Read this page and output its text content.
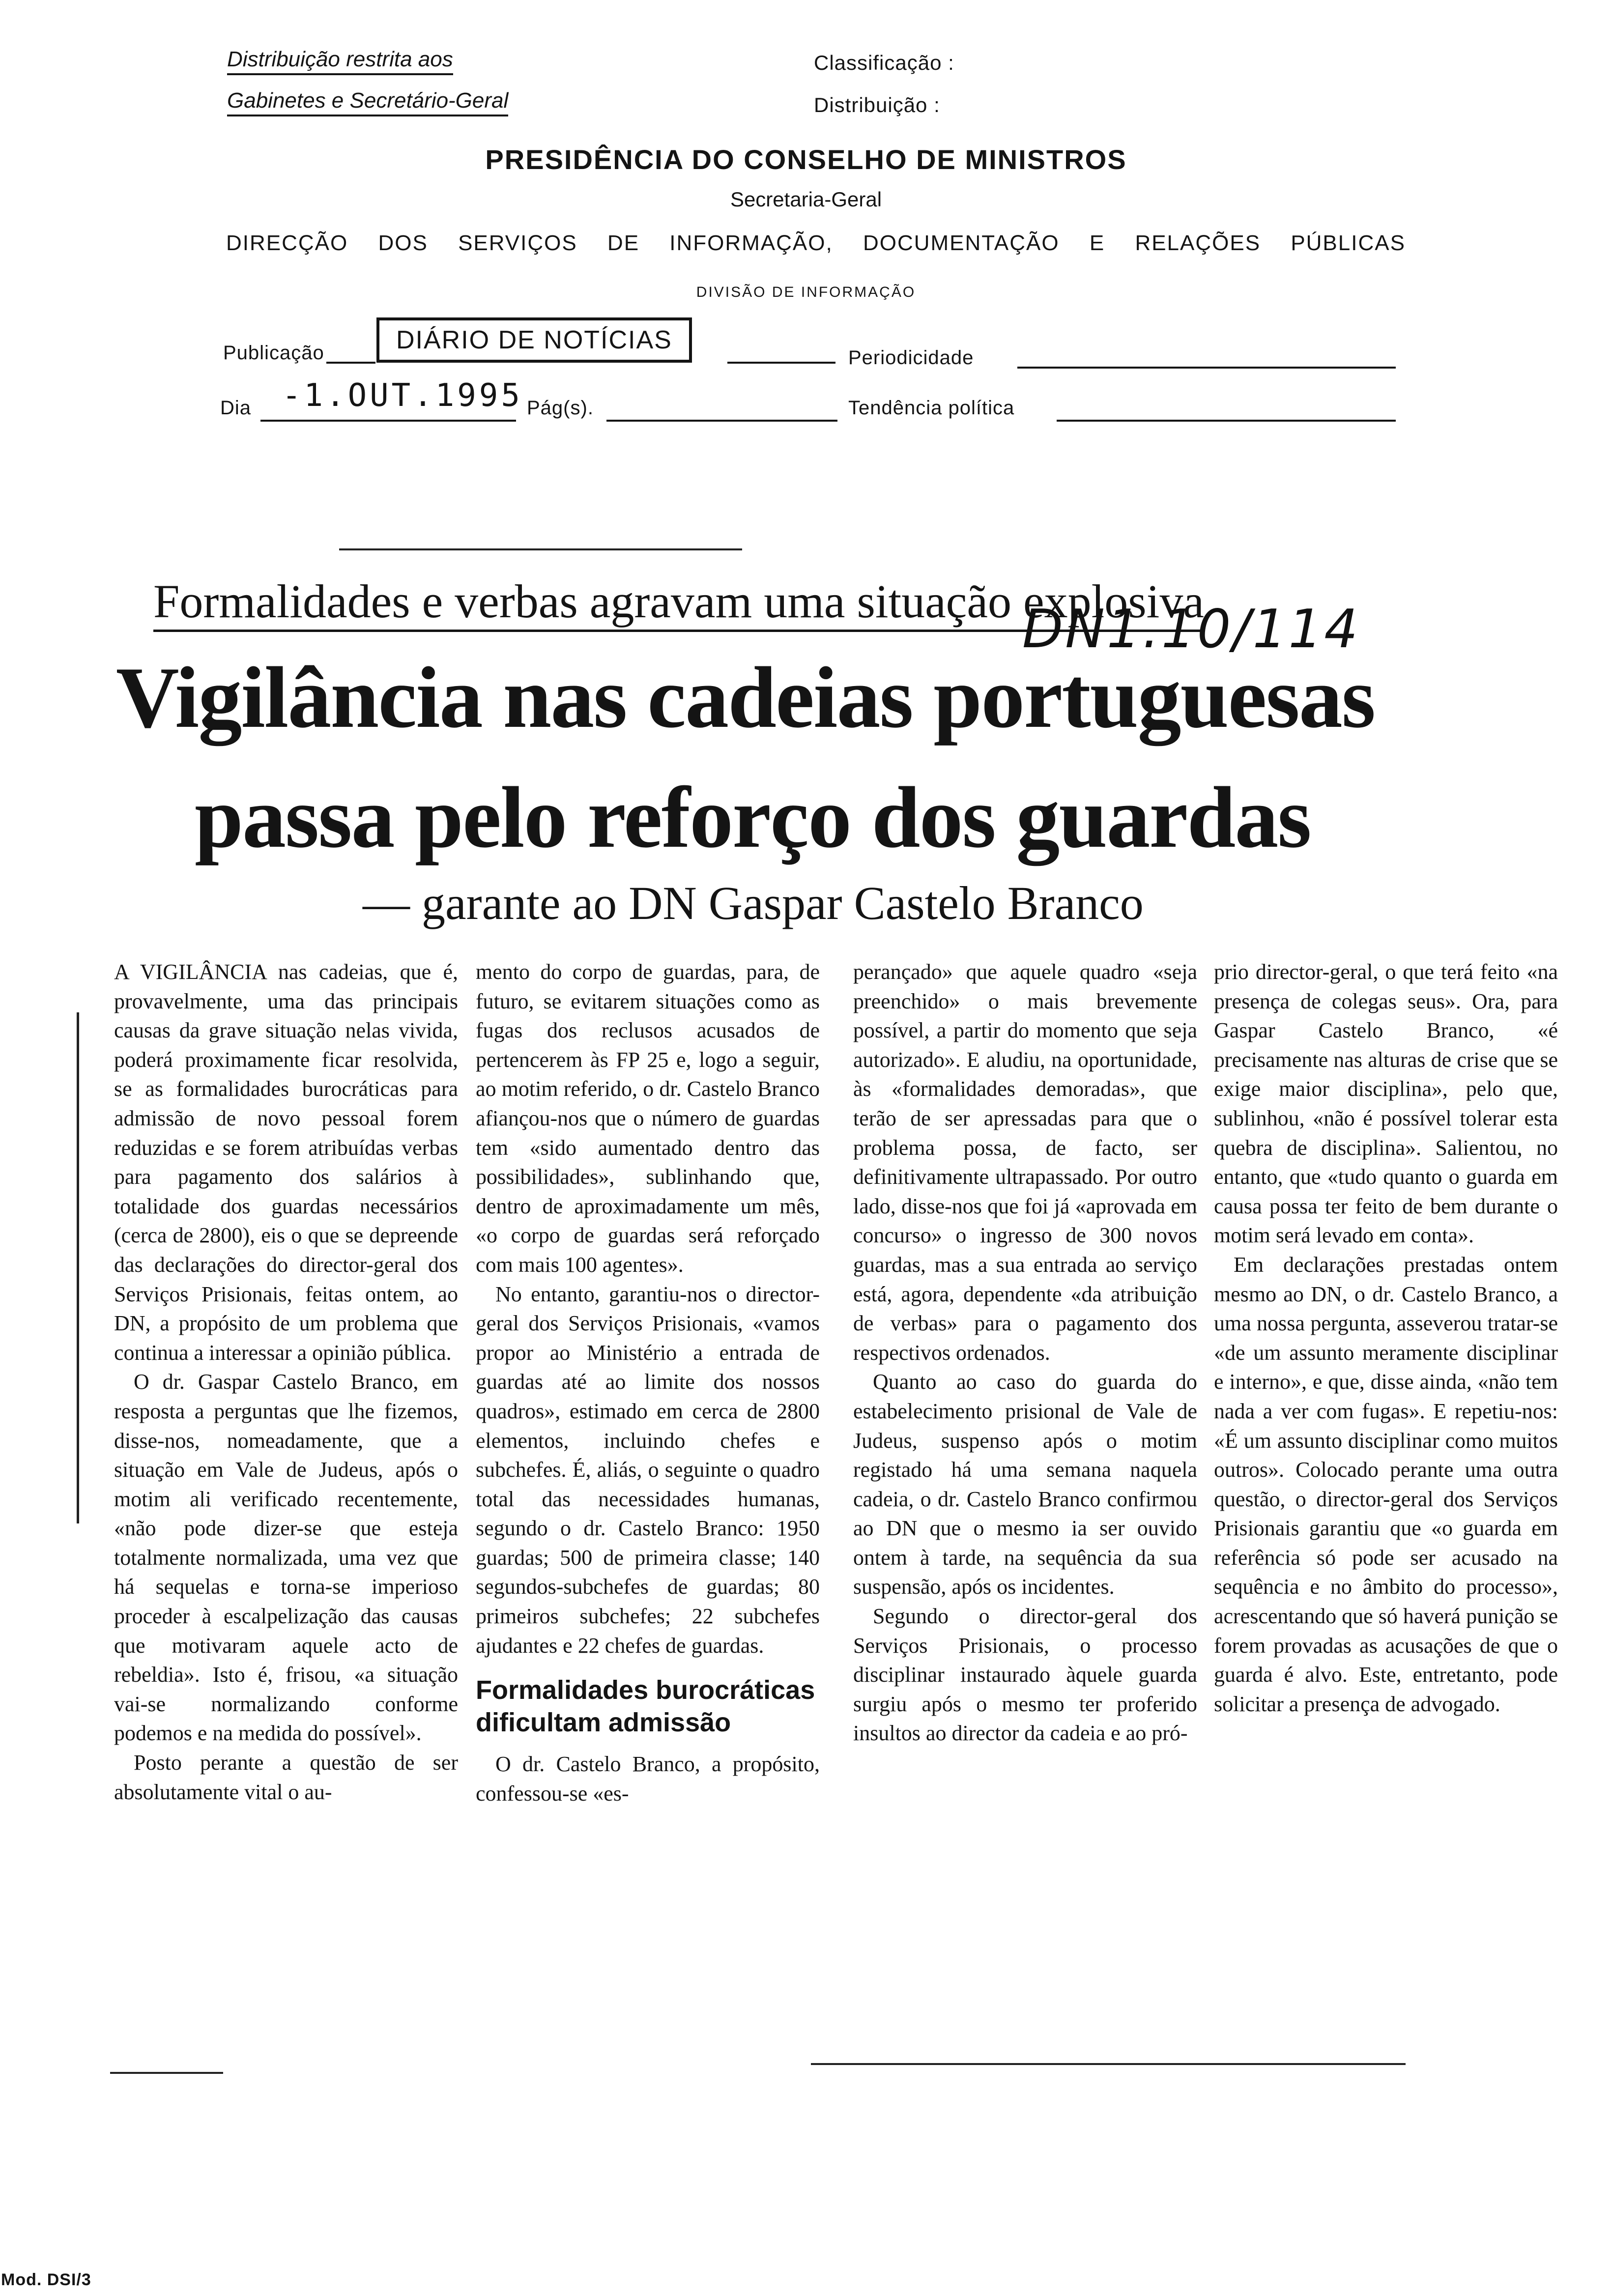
Distribuição restrita aos
Gabinetes e Secretário-Geral
Classificação :
Distribuição :
PRESIDÊNCIA DO CONSELHO DE MINISTROS
Secretaria-Geral
DIRECÇÃO DOS SERVIÇOS DE INFORMAÇÃO, DOCUMENTAÇÃO E RELAÇÕES PÚBLICAS
DIVISÃO DE INFORMAÇÃO
Publicação	DIÁRIO DE NOTÍCIAS
Periodicidade
Dia -1.OUT.1995 Pág(s).	Tendência política
Formalidades e verbas agravam uma situação explosiva
DN1.10/114
Vigilância nas cadeias portuguesas
passa pelo reforço dos guardas
— garante ao DN Gaspar Castelo Branco

A VIGILÂNCIA nas cadeias, que é, provavelmente, uma das principais causas da grave situação nelas vivida, poderá proximamente ficar resolvida, se as formalidades burocráticas para admissão de novo pessoal forem reduzidas e se forem atribuídas verbas para pagamento dos salários à totalidade dos guardas necessários (cerca de 2800), eis o que se depreende das declarações do director-geral dos Serviços Prisionais, feitas ontem, ao DN, a propósito de um problema que continua a interessar a opinião pública.

O dr. Gaspar Castelo Branco, em resposta a perguntas que lhe fizemos, disse-nos, nomeadamente, que a situação em Vale de Judeus, após o motim ali verificado recentemente, «não pode dizer-se que esteja totalmente normalizada, uma vez que há sequelas e torna-se imperioso proceder à escalpelização das causas que motivaram aquele acto de rebeldia». Isto é, frisou, «a situação vai-se normalizando conforme podemos e na medida do possível».

Posto perante a questão de ser absolutamente vital o au-

mento do corpo de guardas, para, de futuro, se evitarem situações como as fugas dos reclusos acusados de pertencerem às FP 25 e, logo a seguir, ao motim referido, o dr. Castelo Branco afiançou-nos que o número de guardas tem «sido aumentado dentro das possibilidades», sublinhando que, dentro de aproximadamente um mês, «o corpo de guardas será reforçado com mais 100 agentes».

No entanto, garantiu-nos o director-geral dos Serviços Prisionais, «vamos propor ao Ministério a entrada de guardas até ao limite dos nossos quadros», estimado em cerca de 2800 elementos, incluindo chefes e subchefes. É, aliás, o seguinte o quadro total das necessidades humanas, segundo o dr. Castelo Branco: 1950 guardas; 500 de primeira classe; 140 segundos-subchefes de guardas; 80 primeiros subchefes; 22 subchefes ajudantes e 22 chefes de guardas.

Formalidades burocráticas dificultam admissão

O dr. Castelo Branco, a propósito, confessou-se «es-

perançado» que aquele quadro «seja preenchido» o mais brevemente possível, a partir do momento que seja autorizado». E aludiu, na oportunidade, às «formalidades demoradas», que terão de ser apressadas para que o problema possa, de facto, ser definitivamente ultrapassado. Por outro lado, disse-nos que foi já «aprovada em concurso» o ingresso de 300 novos guardas, mas a sua entrada ao serviço está, agora, dependente «da atribuição de verbas» para o pagamento dos respectivos ordenados.

Quanto ao caso do guarda do estabelecimento prisional de Vale de Judeus, suspenso após o motim registado há uma semana naquela cadeia, o dr. Castelo Branco confirmou ao DN que o mesmo ia ser ouvido ontem à tarde, na sequência da sua suspensão, após os incidentes.

Segundo o director-geral dos Serviços Prisionais, o processo disciplinar instaurado àquele guarda surgiu após o mesmo ter proferido insultos ao director da cadeia e ao pró-

prio director-geral, o que terá feito «na presença de colegas seus». Ora, para Gaspar Castelo Branco, «é precisamente nas alturas de crise que se exige maior disciplina», pelo que, sublinhou, «não é possível tolerar esta quebra de disciplina». Salientou, no entanto, que «tudo quanto o guarda em causa possa ter feito de bem durante o motim será levado em conta».

Em declarações prestadas ontem mesmo ao DN, o dr. Castelo Branco, a uma nossa pergunta, asseverou tratar-se «de um assunto meramente disciplinar e interno», e que, disse ainda, «não tem nada a ver com fugas». E repetiu-nos: «É um assunto disciplinar como muitos outros». Colocado perante uma outra questão, o director-geral dos Serviços Prisionais garantiu que «o guarda em referência só pode ser acusado na sequência e no âmbito do processo», acrescentando que só haverá punição se forem provadas as acusações de que o guarda é alvo. Este, entretanto, pode solicitar a presença de advogado.

Mod. DSI/3
